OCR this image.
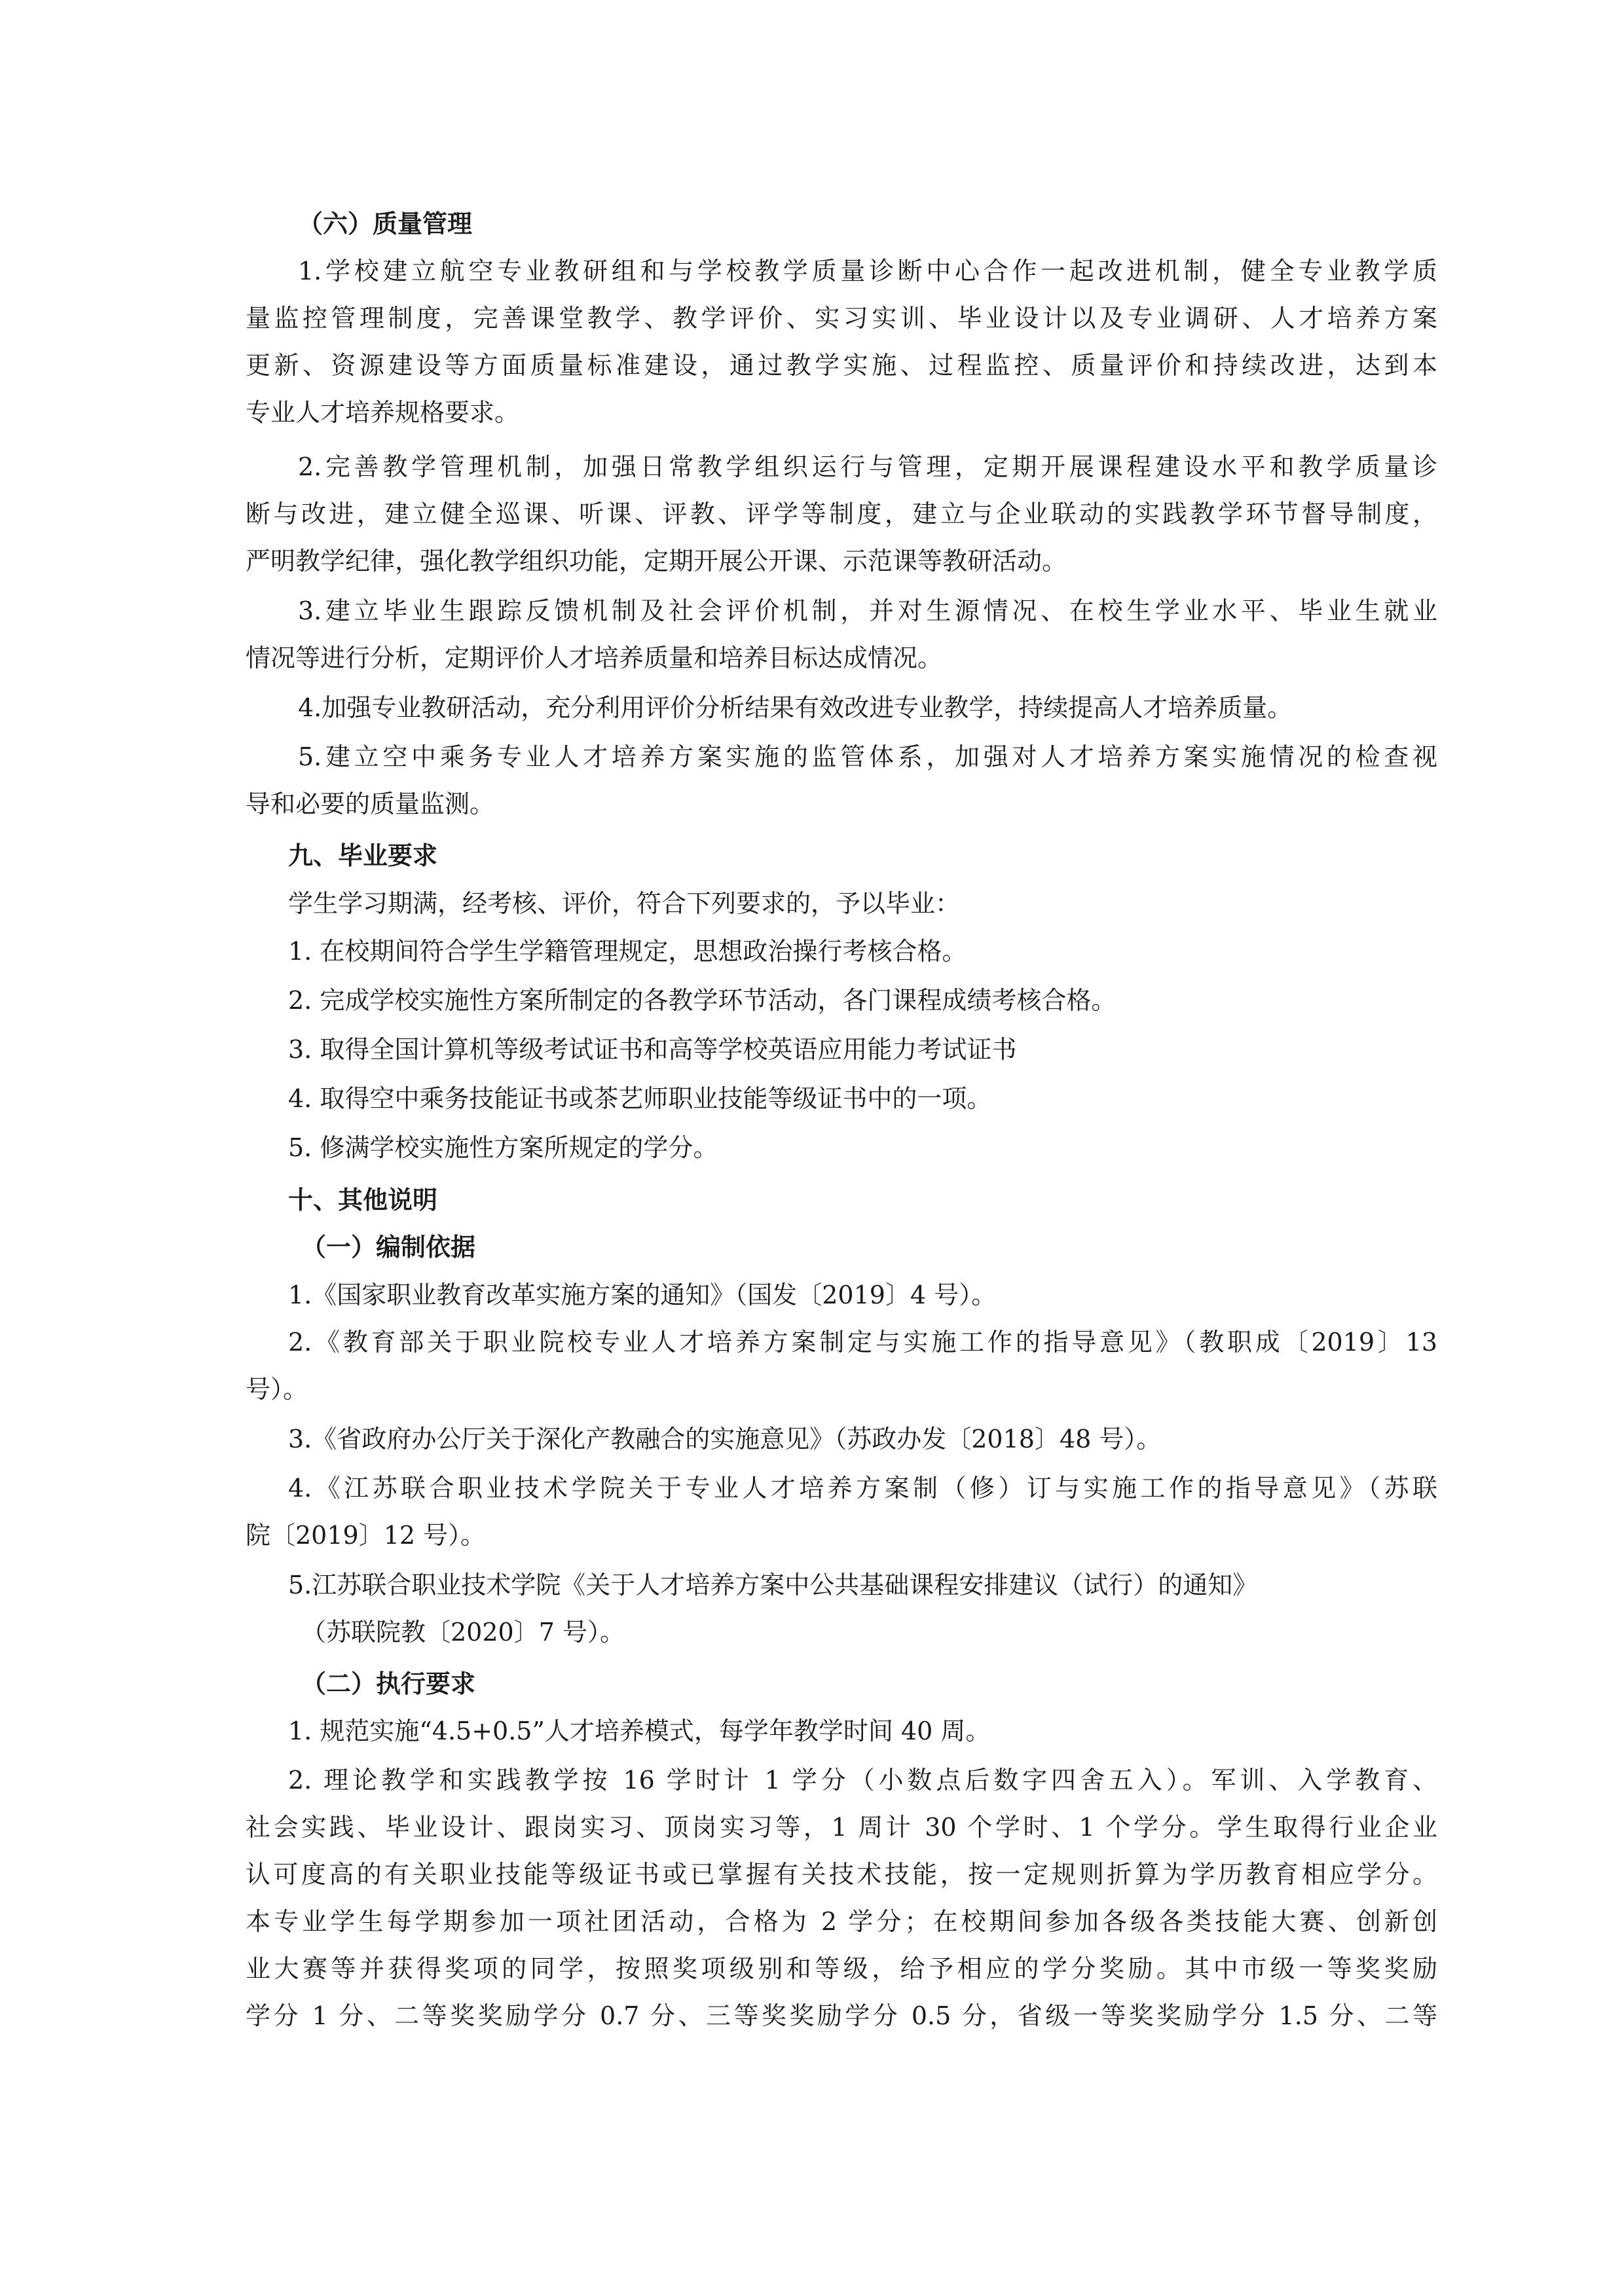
（六）质量管理
1.学校建立航空专业教研组和与学校教学质量诊断中心合作一起改进机制，健全专业教学质
量监控管理制度，完善课堂教学、教学评价、实习实训、毕业设计以及专业调研、人才培养方案
更新、资源建设等方面质量标准建设，通过教学实施、过程监控、质量评价和持续改进，达到本
专业人才培养规格要求。
2.完善教学管理机制，加强日常教学组织运行与管理，定期开展课程建设水平和教学质量诊
断与改进，建立健全巡课、听课、评教、评学等制度，建立与企业联动的实践教学环节督导制度，
严明教学纪律，强化教学组织功能，定期开展公开课、示范课等教研活动。
3.建立毕业生跟踪反馈机制及社会评价机制，并对生源情况、在校生学业水平、毕业生就业
情况等进行分析，定期评价人才培养质量和培养目标达成情况。
4.加强专业教研活动，充分利用评价分析结果有效改进专业教学，持续提高人才培养质量。
5.建立空中乘务专业人才培养方案实施的监管体系，加强对人才培养方案实施情况的检查视
导和必要的质量监测。
九、毕业要求
学生学习期满，经考核、评价，符合下列要求的，予以毕业：
1. 在校期间符合学生学籍管理规定，思想政治操行考核合格。
2. 完成学校实施性方案所制定的各教学环节活动，各门课程成绩考核合格。
3. 取得全国计算机等级考试证书和高等学校英语应用能力考试证书
4. 取得空中乘务技能证书或茶艺师职业技能等级证书中的一项。
5. 修满学校实施性方案所规定的学分。
十、其他说明
（一）编制依据
1.《国家职业教育改革实施方案的通知》（国发〔2019〕4 号）。
2.《教育部关于职业院校专业人才培养方案制定与实施工作的指导意见》（教职成〔2019〕13
号）。
3.《省政府办公厅关于深化产教融合的实施意见》（苏政办发〔2018〕48 号）。
4.《江苏联合职业技术学院关于专业人才培养方案制（修）订与实施工作的指导意见》（苏联
院〔2019〕12 号）。
5.江苏联合职业技术学院《关于人才培养方案中公共基础课程安排建议（试行）的通知》
（苏联院教〔2020〕7 号）。
（二）执行要求
1. 规范实施“4.5+0.5”人才培养模式，每学年教学时间 40 周。
2. 理论教学和实践教学按 16 学时计 1 学分（小数点后数字四舍五入）。军训、入学教育、
社会实践、毕业设计、跟岗实习、顶岗实习等，1 周计 30 个学时、1 个学分。学生取得行业企业
认可度高的有关职业技能等级证书或已掌握有关技术技能，按一定规则折算为学历教育相应学分。
本专业学生每学期参加一项社团活动，合格为 2 学分；在校期间参加各级各类技能大赛、创新创
业大赛等并获得奖项的同学，按照奖项级别和等级，给予相应的学分奖励。其中市级一等奖奖励
学分 1 分、二等奖奖励学分 0.7 分、三等奖奖励学分 0.5 分，省级一等奖奖励学分 1.5 分、二等
